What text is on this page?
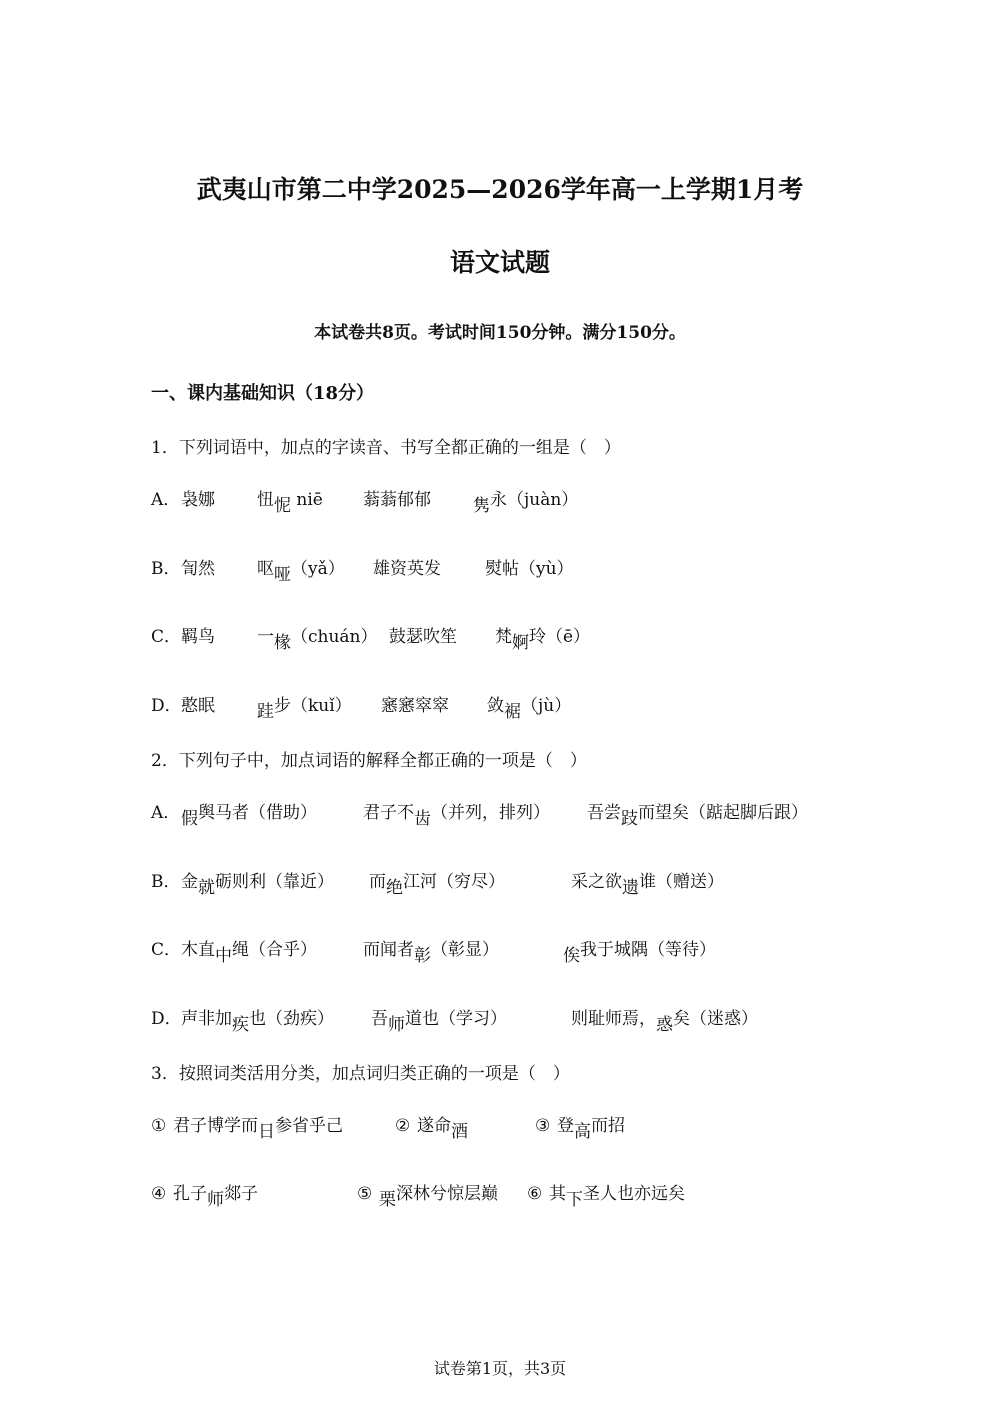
武夷山市第二中学2025—2026学年高一上学期1月考
语文试题
本试卷共8页。考试时间150分钟。满分150分。
一、课内基础知识（18分）
1．下列词语中，加点的字读音、书写全都正确的一组是（　）
A． 袅娜 忸怩 niē 蓊蓊郁郁 隽永（juàn）
B． 訇然 呕哑（yǎ） 雄资英发	熨帖（yù）
C． 羁鸟 一椽（chuán） 鼓瑟吹笙 梵婀玲（ē）
D． 憨眠 跬步（kuǐ） 窸窸窣窣 敛裾（jù）
2．下列句子中，加点词语的解释全都正确的一项是（　）
A． 假舆马者（借助）	君子不齿（并列，排列） 吾尝跂而望矣（踮起脚后跟）
B． 金就砺则利（靠近） 而绝江河（穷尽）	采之欲遗谁（赠送）
C． 木直中绳（合乎）	而闻者彰（彰显）	俟我于城隅（等待）
D． 声非加疾也（劲疾） 吾师道也（学习）	则耻师焉，惑矣（迷惑）
3．按照词类活用分类，加点词归类正确的一项是（　）
① 君子博学而日参省乎己	② 遂命酒	③ 登高而招
④ 孔子师郯子	⑤ 栗深林兮惊层巅 ⑥ 其下圣人也亦远矣
试卷第1页，共3页
